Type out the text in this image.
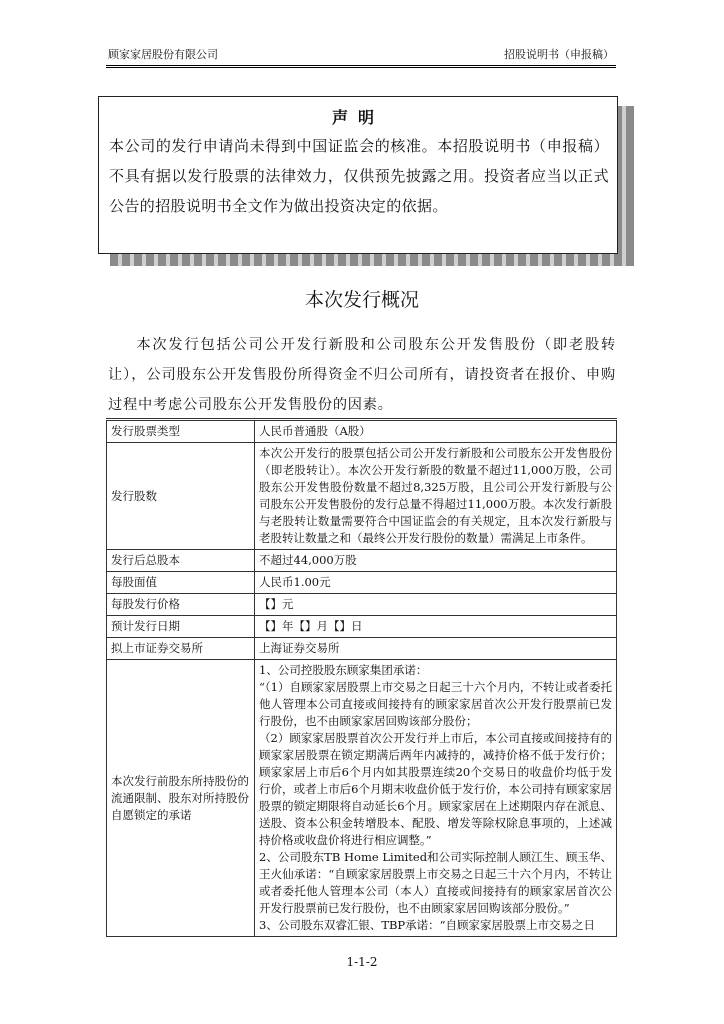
顾家家居股份有限公司	招股说明书（申报稿）
声明
本公司的发行申请尚未得到中国证监会的核准。本招股说明书（申报稿）不具有据以发行股票的法律效力，仅供预先披露之用。投资者应当以正式公告的招股说明书全文作为做出投资决定的依据。
本次发行概况
本次发行包括公司公开发行新股和公司股东公开发售股份（即老股转让），公司股东公开发售股份所得资金不归公司所有，请投资者在报价、申购过程中考虑公司股东公开发售股份的因素。
发行股票类型	人民币普通股（A股）
发行股数	本次公开发行的股票包括公司公开发行新股和公司股东公开发售股份（即老股转让）。本次公开发行新股的数量不超过11,000万股，公司股东公开发售股份数量不超过8,325万股，且公司公开发行新股与公司股东公开发售股份的发行总量不得超过11,000万股。本次发行新股与老股转让数量需要符合中国证监会的有关规定，且本次发行新股与老股转让数量之和（最终公开发行股份的数量）需满足上市条件。
发行后总股本	不超过44,000万股
每股面值	人民币1.00元
每股发行价格	【】元
预计发行日期	【】年【】月【】日
拟上市证券交易所	上海证券交易所
本次发行前股东所持股份的流通限制、股东对所持股份自愿锁定的承诺	1、公司控股股东顾家集团承诺：
“（1）自顾家家居股票上市交易之日起三十六个月内，不转让或者委托他人管理本公司直接或间接持有的顾家家居首次公开发行股票前已发行股份，也不由顾家家居回购该部分股份；
（2）顾家家居股票首次公开发行并上市后，本公司直接或间接持有的顾家家居股票在锁定期满后两年内减持的，减持价格不低于发行价；顾家家居上市后6个月内如其股票连续20个交易日的收盘价均低于发行价，或者上市后6个月期末收盘价低于发行价，本公司持有顾家家居股票的锁定期限将自动延长6个月。顾家家居在上述期限内存在派息、送股、资本公积金转增股本、配股、增发等除权除息事项的，上述减持价格或收盘价将进行相应调整。”
2、公司股东TB Home Limited和公司实际控制人顾江生、顾玉华、王火仙承诺：“自顾家家居股票上市交易之日起三十六个月内，不转让或者委托他人管理本公司（本人）直接或间接持有的顾家家居首次公开发行股票前已发行股份，也不由顾家家居回购该部分股份。”
3、公司股东双睿汇银、TBP承诺：“自顾家家居股票上市交易之日
1-1-2
